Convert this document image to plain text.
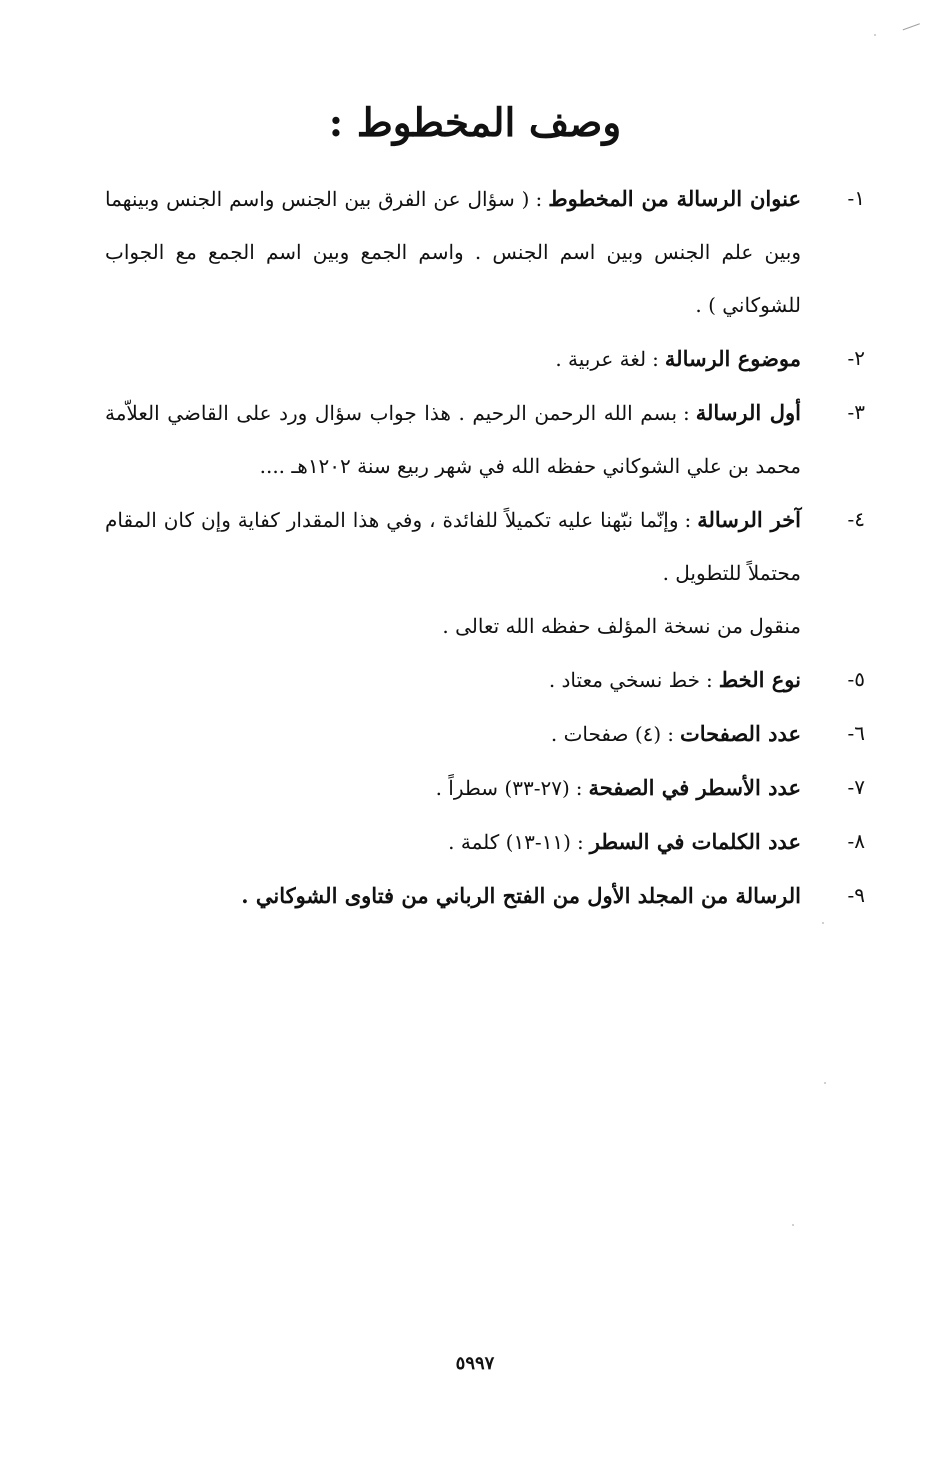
وصف المخطوط :
١-
عنوان الرسالة من المخطوط:( سؤال عن الفرق بين الجنس واسم الجنس وبينهما وبين علم الجنس وبين اسم الجنس . واسم الجمع وبين اسم الجمع مع الجواب للشوكاني ) .
٢-
موضوع الرسالة:لغة عربية .
٣-
أول الرسالة:بسم الله الرحمن الرحيم . هذا جواب سؤال ورد على القاضي العلاّمة محمد بن علي الشوكاني حفظه الله في شهر ربيع سنة ١٢٠٢هـ ....
٤-
آخر الرسالة:وإنّما نبّهنا عليه تكميلاً للفائدة ، وفي هذا المقدار كفاية وإن كان المقام محتملاً للتطويل .
منقول من نسخة المؤلف حفظه الله تعالى .
٥-
نوع الخط:خط نسخي معتاد .
٦-
عدد الصفحات:(٤) صفحات .
٧-
عدد الأسطر في الصفحة:(٢٧-٣٣) سطراً .
٨-
عدد الكلمات في السطر:(١١-١٣) كلمة .
٩-
الرسالة من المجلد الأول من الفتح الرباني من فتاوى الشوكاني .
٥٩٩٧
